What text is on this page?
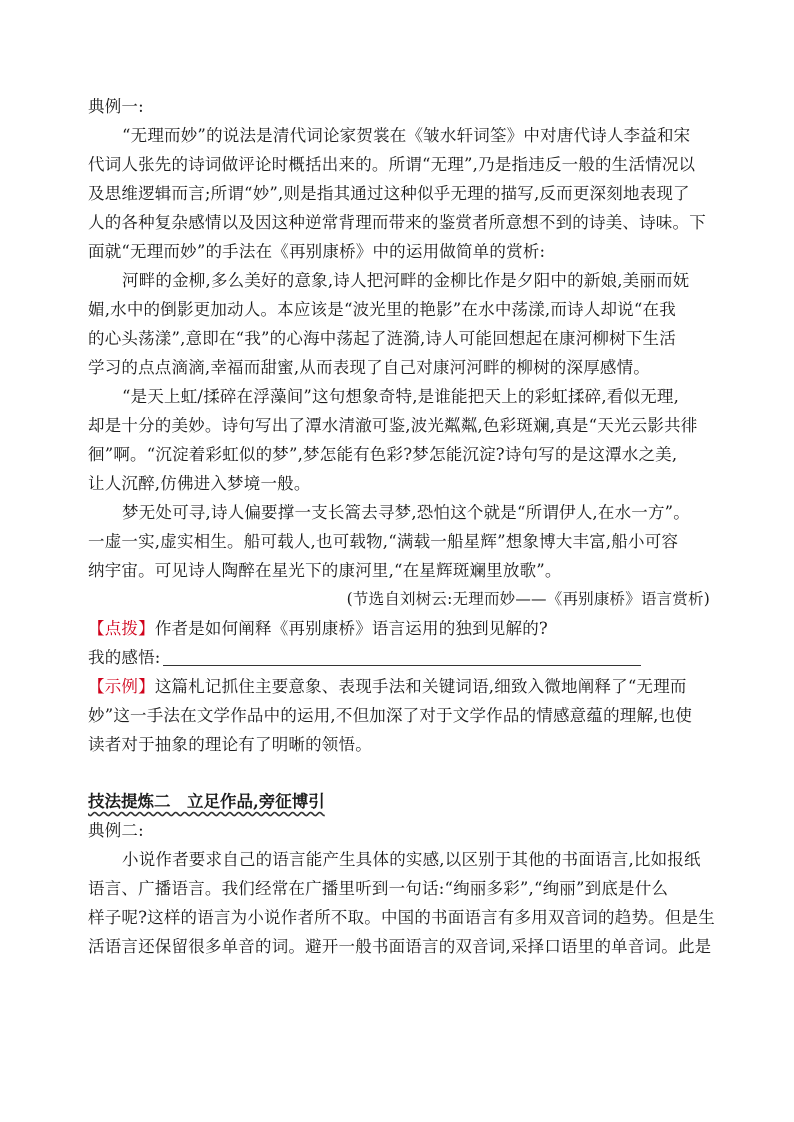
典例一:
“无理而妙”的说法是清代词论家贺裳在《皱水轩词筌》中对唐代诗人李益和宋
代词人张先的诗词做评论时概括出来的。所谓“无理”,乃是指违反一般的生活情况以
及思维逻辑而言;所谓“妙”,则是指其通过这种似乎无理的描写,反而更深刻地表现了
人的各种复杂感情以及因这种逆常背理而带来的鉴赏者所意想不到的诗美、诗味。下
面就“无理而妙”的手法在《再别康桥》中的运用做简单的赏析:
河畔的金柳,多么美好的意象,诗人把河畔的金柳比作是夕阳中的新娘,美丽而妩
媚,水中的倒影更加动人。本应该是“波光里的艳影”在水中荡漾,而诗人却说“在我
的心头荡漾”,意即在“我”的心海中荡起了涟漪,诗人可能回想起在康河柳树下生活
学习的点点滴滴,幸福而甜蜜,从而表现了自己对康河河畔的柳树的深厚感情。
“是天上虹/揉碎在浮藻间”这句想象奇特,是谁能把天上的彩虹揉碎,看似无理,
却是十分的美妙。诗句写出了潭水清澈可鉴,波光粼粼,色彩斑斓,真是“天光云影共徘
徊”啊。“沉淀着彩虹似的梦”,梦怎能有色彩?梦怎能沉淀?诗句写的是这潭水之美,
让人沉醉,仿佛进入梦境一般。
梦无处可寻,诗人偏要撑一支长篙去寻梦,恐怕这个就是“所谓伊人,在水一方”。
一虚一实,虚实相生。船可载人,也可载物,“满载一船星辉”想象博大丰富,船小可容
纳宇宙。可见诗人陶醉在星光下的康河里,“在星辉斑斓里放歌”。
(节选自刘树云:无理而妙——《再别康桥》语言赏析)
【点拨】作者是如何阐释《再别康桥》语言运用的独到见解的?
我的感悟:
【示例】这篇札记抓住主要意象、表现手法和关键词语,细致入微地阐释了“无理而
妙”这一手法在文学作品中的运用,不但加深了对于文学作品的情感意蕴的理解,也使
读者对于抽象的理论有了明晰的领悟。
技法提炼二　立足作品,旁征博引
典例二:
小说作者要求自己的语言能产生具体的实感,以区别于其他的书面语言,比如报纸
语言、广播语言。我们经常在广播里听到一句话:“绚丽多彩”,“绚丽”到底是什么
样子呢?这样的语言为小说作者所不取。中国的书面语言有多用双音词的趋势。但是生
活语言还保留很多单音的词。避开一般书面语言的双音词,采择口语里的单音词。此是
